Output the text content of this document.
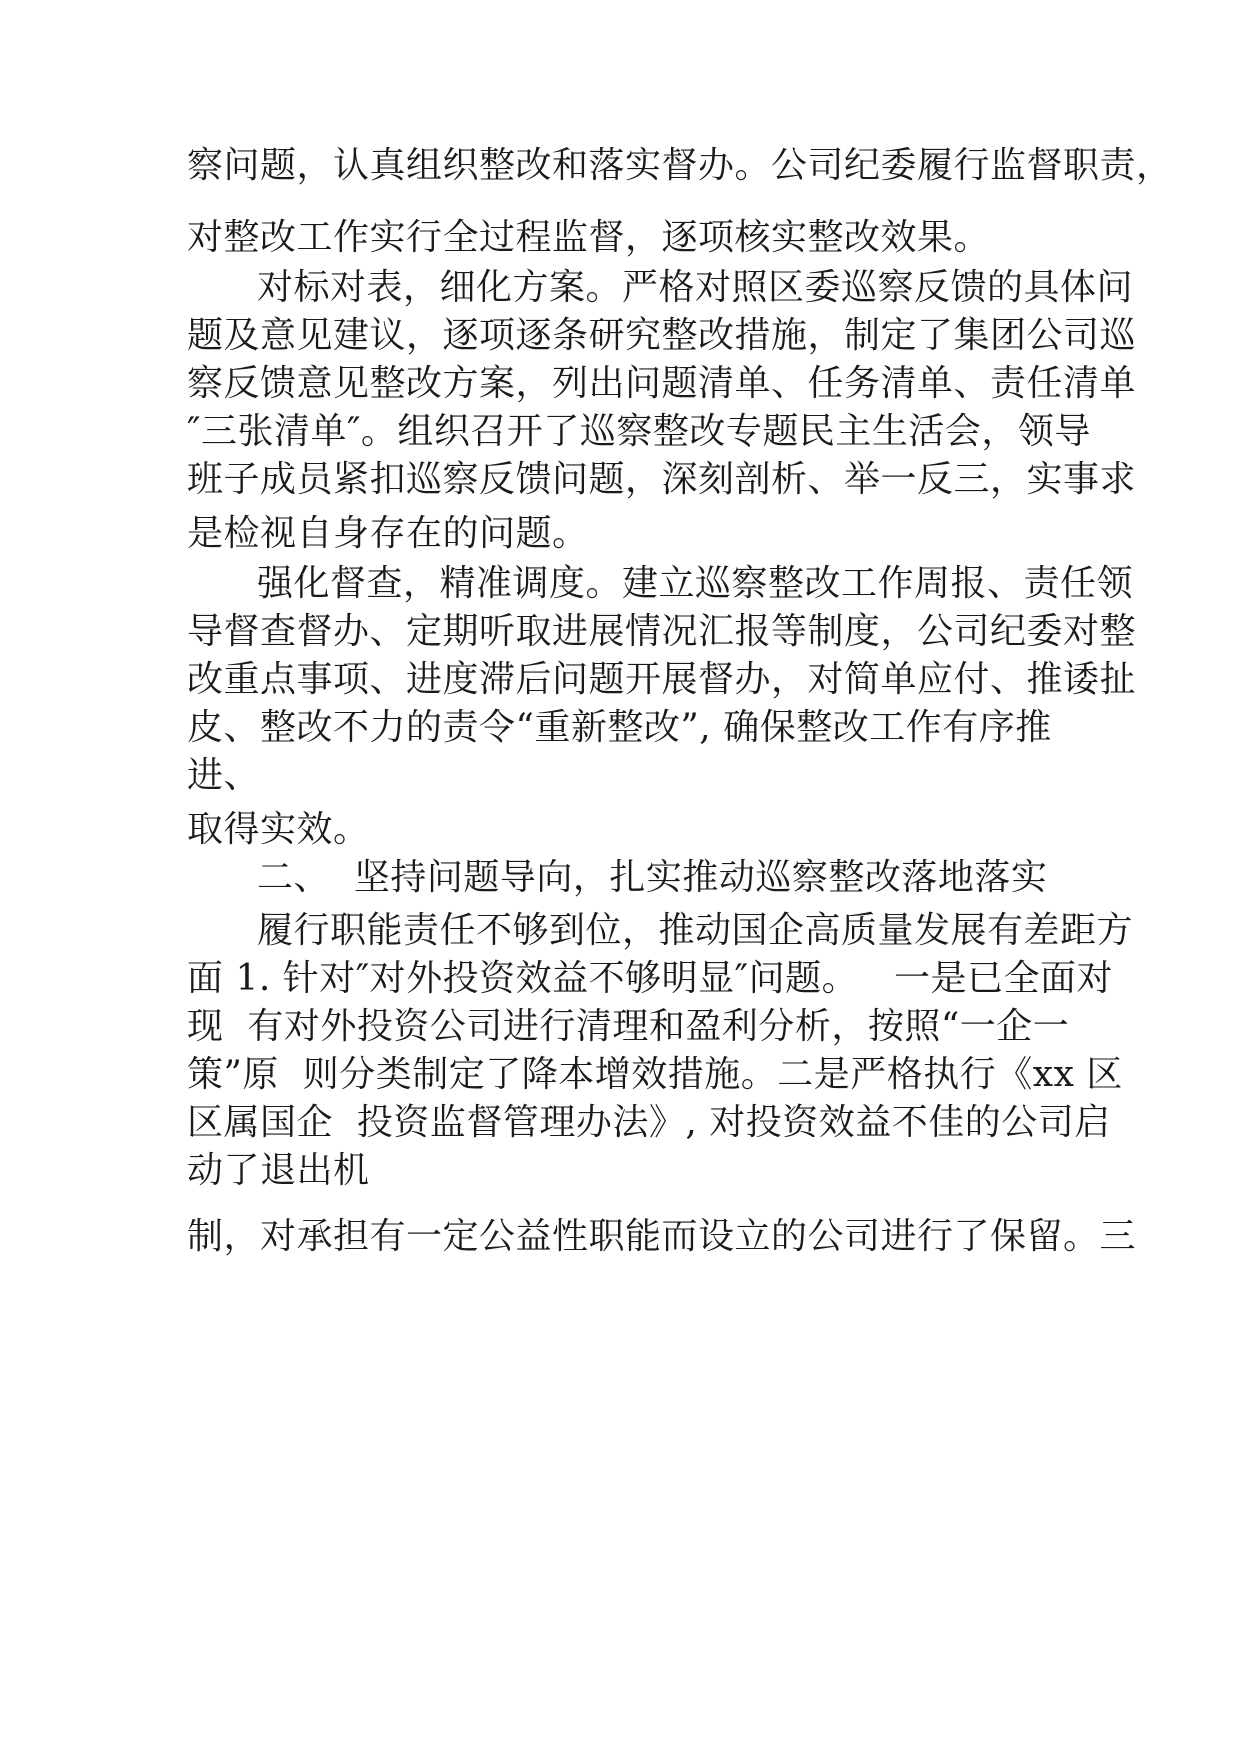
察问题，认真组织整改和落实督办。公司纪委履行监督职责，
对整改工作实行全过程监督，逐项核实整改效果。
对标对表，细化方案。严格对照区委巡察反馈的具体问
题及意见建议，逐项逐条研究整改措施，制定了集团公司巡
察反馈意见整改方案，列出问题清单、任务清单、责任清单
″三张清单″。组织召开了巡察整改专题民主生活会，领导
班子成员紧扣巡察反馈问题，深刻剖析、举一反三，实事求
是检视自身存在的问题。
强化督查，精准调度。建立巡察整改工作周报、责任领
导督查督办、定期听取进展情况汇报等制度，公司纪委对整
改重点事项、进度滞后问题开展督办，对简单应付、推诿扯
皮、整改不力的责令“重新整改”, 确保整改工作有序推
进、
取得实效。
二、  坚持问题导向，扎实推动巡察整改落地落实
履行职能责任不够到位，推动国企高质量发展有差距方
面 1. 针对″对外投资效益不够明显″问题。   一是已全面对
现  有对外投资公司进行清理和盈利分析，按照“一企一
策”原  则分类制定了降本增效措施。二是严格执行《xx 区
区属国企  投资监督管理办法》, 对投资效益不佳的公司启
动了退出机
制，对承担有一定公益性职能而设立的公司进行了保留。三
